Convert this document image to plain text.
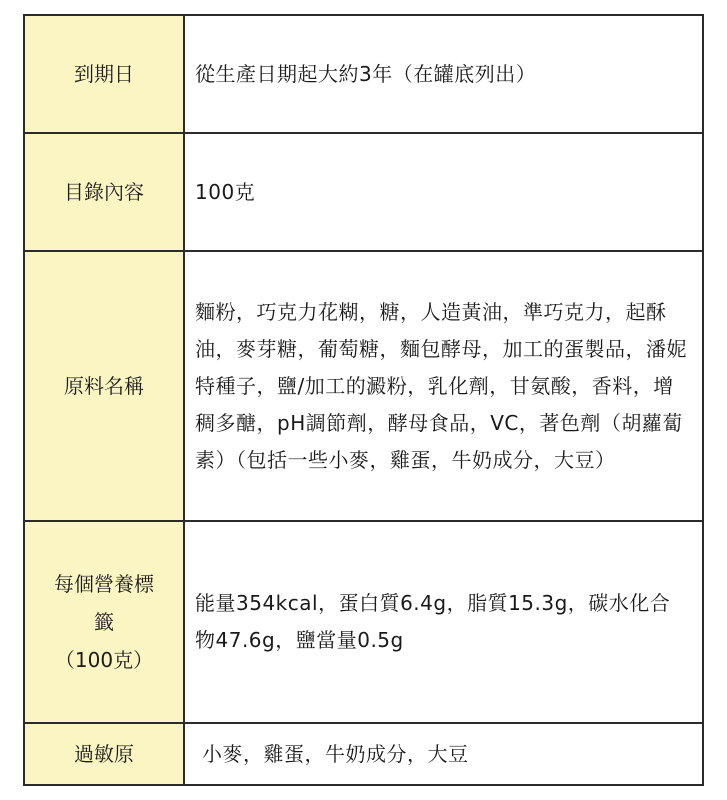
到期日	從生產日期起大約3年（在罐底列出）

目錄內容	100克

原料名稱	麵粉，巧克力花糊，糖，人造黃油，準巧克力，起酥油，麥芽糖，葡萄糖，麵包酵母，加工的蛋製品，潘妮特種子，鹽/加工的澱粉，乳化劑，甘氨酸，香料，增稠多醣，pH調節劑，酵母食品，VC，著色劑（胡蘿蔔素）（包括一些小麥，雞蛋，牛奶成分，大豆）

每個營養標
籤
（100克）	能量354kcal，蛋白質6.4g，脂質15.3g，碳水化合物47.6g，鹽當量0.5g

過敏原	小麥，雞蛋，牛奶成分，大豆
